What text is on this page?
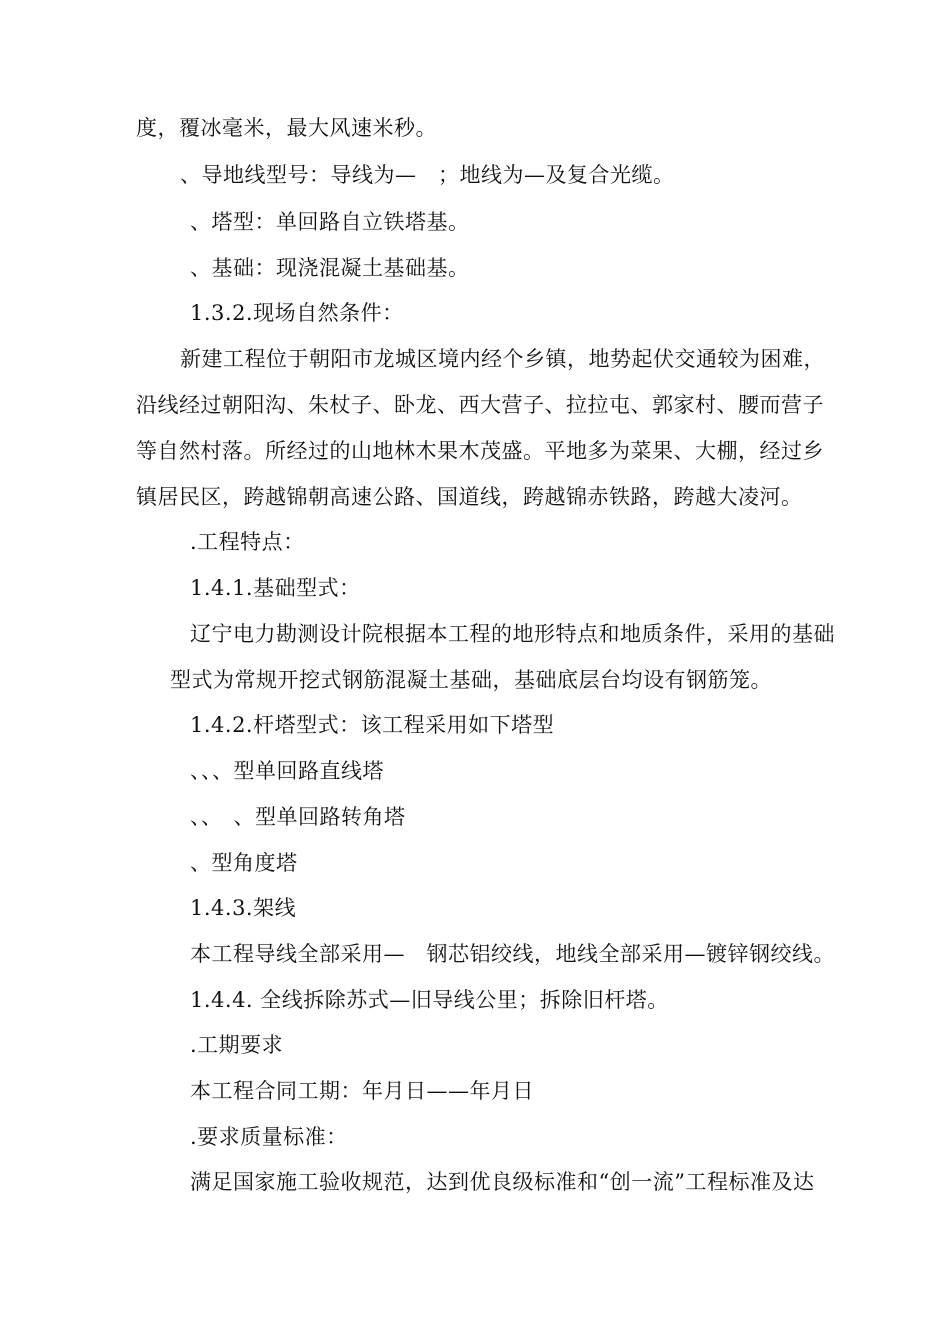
度，覆冰毫米，最大风速米秒。
、导地线型号：导线为—　；地线为—及复合光缆。
、塔型：单回路自立铁塔基。
、基础：现浇混凝土基础基。
1.3.2.现场自然条件：
新建工程位于朝阳市龙城区境内经个乡镇，地势起伏交通较为困难，
沿线经过朝阳沟、朱杖子、卧龙、西大营子、拉拉屯、郭家村、腰而营子
等自然村落。所经过的山地林木果木茂盛。平地多为菜果、大棚，经过乡
镇居民区，跨越锦朝高速公路、国道线，跨越锦赤铁路，跨越大凌河。
.工程特点：
1.4.1.基础型式：
辽宁电力勘测设计院根据本工程的地形特点和地质条件，采用的基础
型式为常规开挖式钢筋混凝土基础，基础底层台均设有钢筋笼。
1.4.2.杆塔型式：该工程采用如下塔型
、、、型单回路直线塔
、、　、型单回路转角塔
、型角度塔
1.4.3.架线
本工程导线全部采用—　钢芯铝绞线，地线全部采用—镀锌钢绞线。
1.4.4. 全线拆除苏式—旧导线公里；拆除旧杆塔。
.工期要求
本工程合同工期：年月日——年月日
.要求质量标准：
满足国家施工验收规范，达到优良级标准和“创一流”工程标准及达
